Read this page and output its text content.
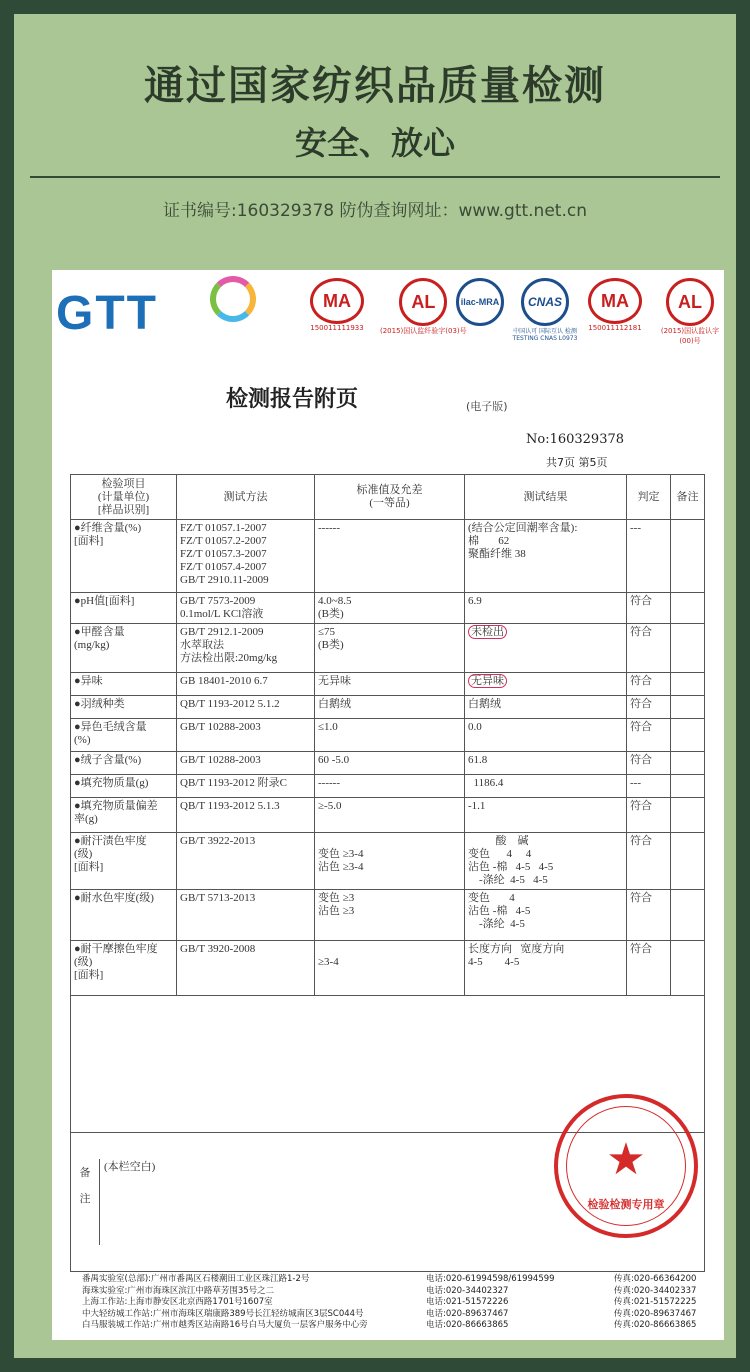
通过国家纺织品质量检测
安全、放心
证书编号:160329378 防伪查询网址：www.gtt.net.cn
GTT	MA
150011111933
AL
(2015)国认监纤验字(03)号
ilac-MRA	CNAS
中国认可 国际互认 检测 TESTING CNAS L0973
MA
150011112181
AL
(2015)国认监认字(00)号
检测报告附页	(电子版)
No:160329378
共7页 第5页
检验项目
(计量单位)
[样品识别]	测试方法	标准值及允差
(一等品)	测试结果	判定	备注
●纤维含量(%)
[面料]	FZ/T 01057.1-2007
FZ/T 01057.2-2007
FZ/T 01057.3-2007
FZ/T 01057.4-2007
GB/T 2910.11-2009	------	(结合公定回潮率含量):
棉       62
聚酯纤维 38	---	
●pH值[面料]	GB/T 7573-2009
0.1mol/L KCl溶液	4.0~8.5
(B类)	6.9	符合	
●甲醛含量
(mg/kg)	GB/T 2912.1-2009
水萃取法
方法检出限:20mg/kg	≤75
(B类)	未检出	符合	
●异味	GB 18401-2010 6.7	无异味	无异味	符合	
●羽绒种类	QB/T 1193-2012 5.1.2	白鹅绒	白鹅绒	符合	
●异色毛绒含量
(%)	GB/T 10288-2003	≤1.0	0.0	符合	
●绒子含量(%)	GB/T 10288-2003	60 -5.0	61.8	符合	
●填充物质量(g)	QB/T 1193-2012 附录C	------	1186.4	---	
●填充物质量偏差
率(g)	QB/T 1193-2012 5.1.3	≥-5.0	-1.1	符合	
●耐汗渍色牢度
(级)
[面料]	GB/T 3922-2013	
变色 ≥3-4
沾色 ≥3-4	酸    碱
变色      4     4
沾色 -棉   4-5   4-5
-涤纶  4-5   4-5	符合	
●耐水色牢度(级)	GB/T 5713-2013	变色 ≥3
沾色 ≥3	变色       4
沾色 -棉   4-5
-涤纶  4-5	符合	
●耐干摩擦色牢度
(级)
[面料]	GB/T 3920-2008	
≥3-4	长度方向   宽度方向
4-5        4-5	符合	

备

注
(本栏空白)					

	★
检验检测专用章
番禺实验室(总部):广州市番禺区石楼潮田工业区珠江路1-2号
海珠实验室:广州市海珠区滨江中路草芳围35号之二
上海工作站:上海市静安区北京西路1701号1607室
中大轻纺城工作站:广州市海珠区瑞康路389号长江轻纺城南区3层SC044号
白马服装城工作站:广州市越秀区站南路16号白马大厦负一层客户服务中心旁
电话:020-61994598/61994599
电话:020-34402327
电话:021-51572226
电话:020-89637467
电话:020-86663865
传真:020-66364200
传真:020-34402337
传真:021-51572225
传真:020-89637467
传真:020-86663865
